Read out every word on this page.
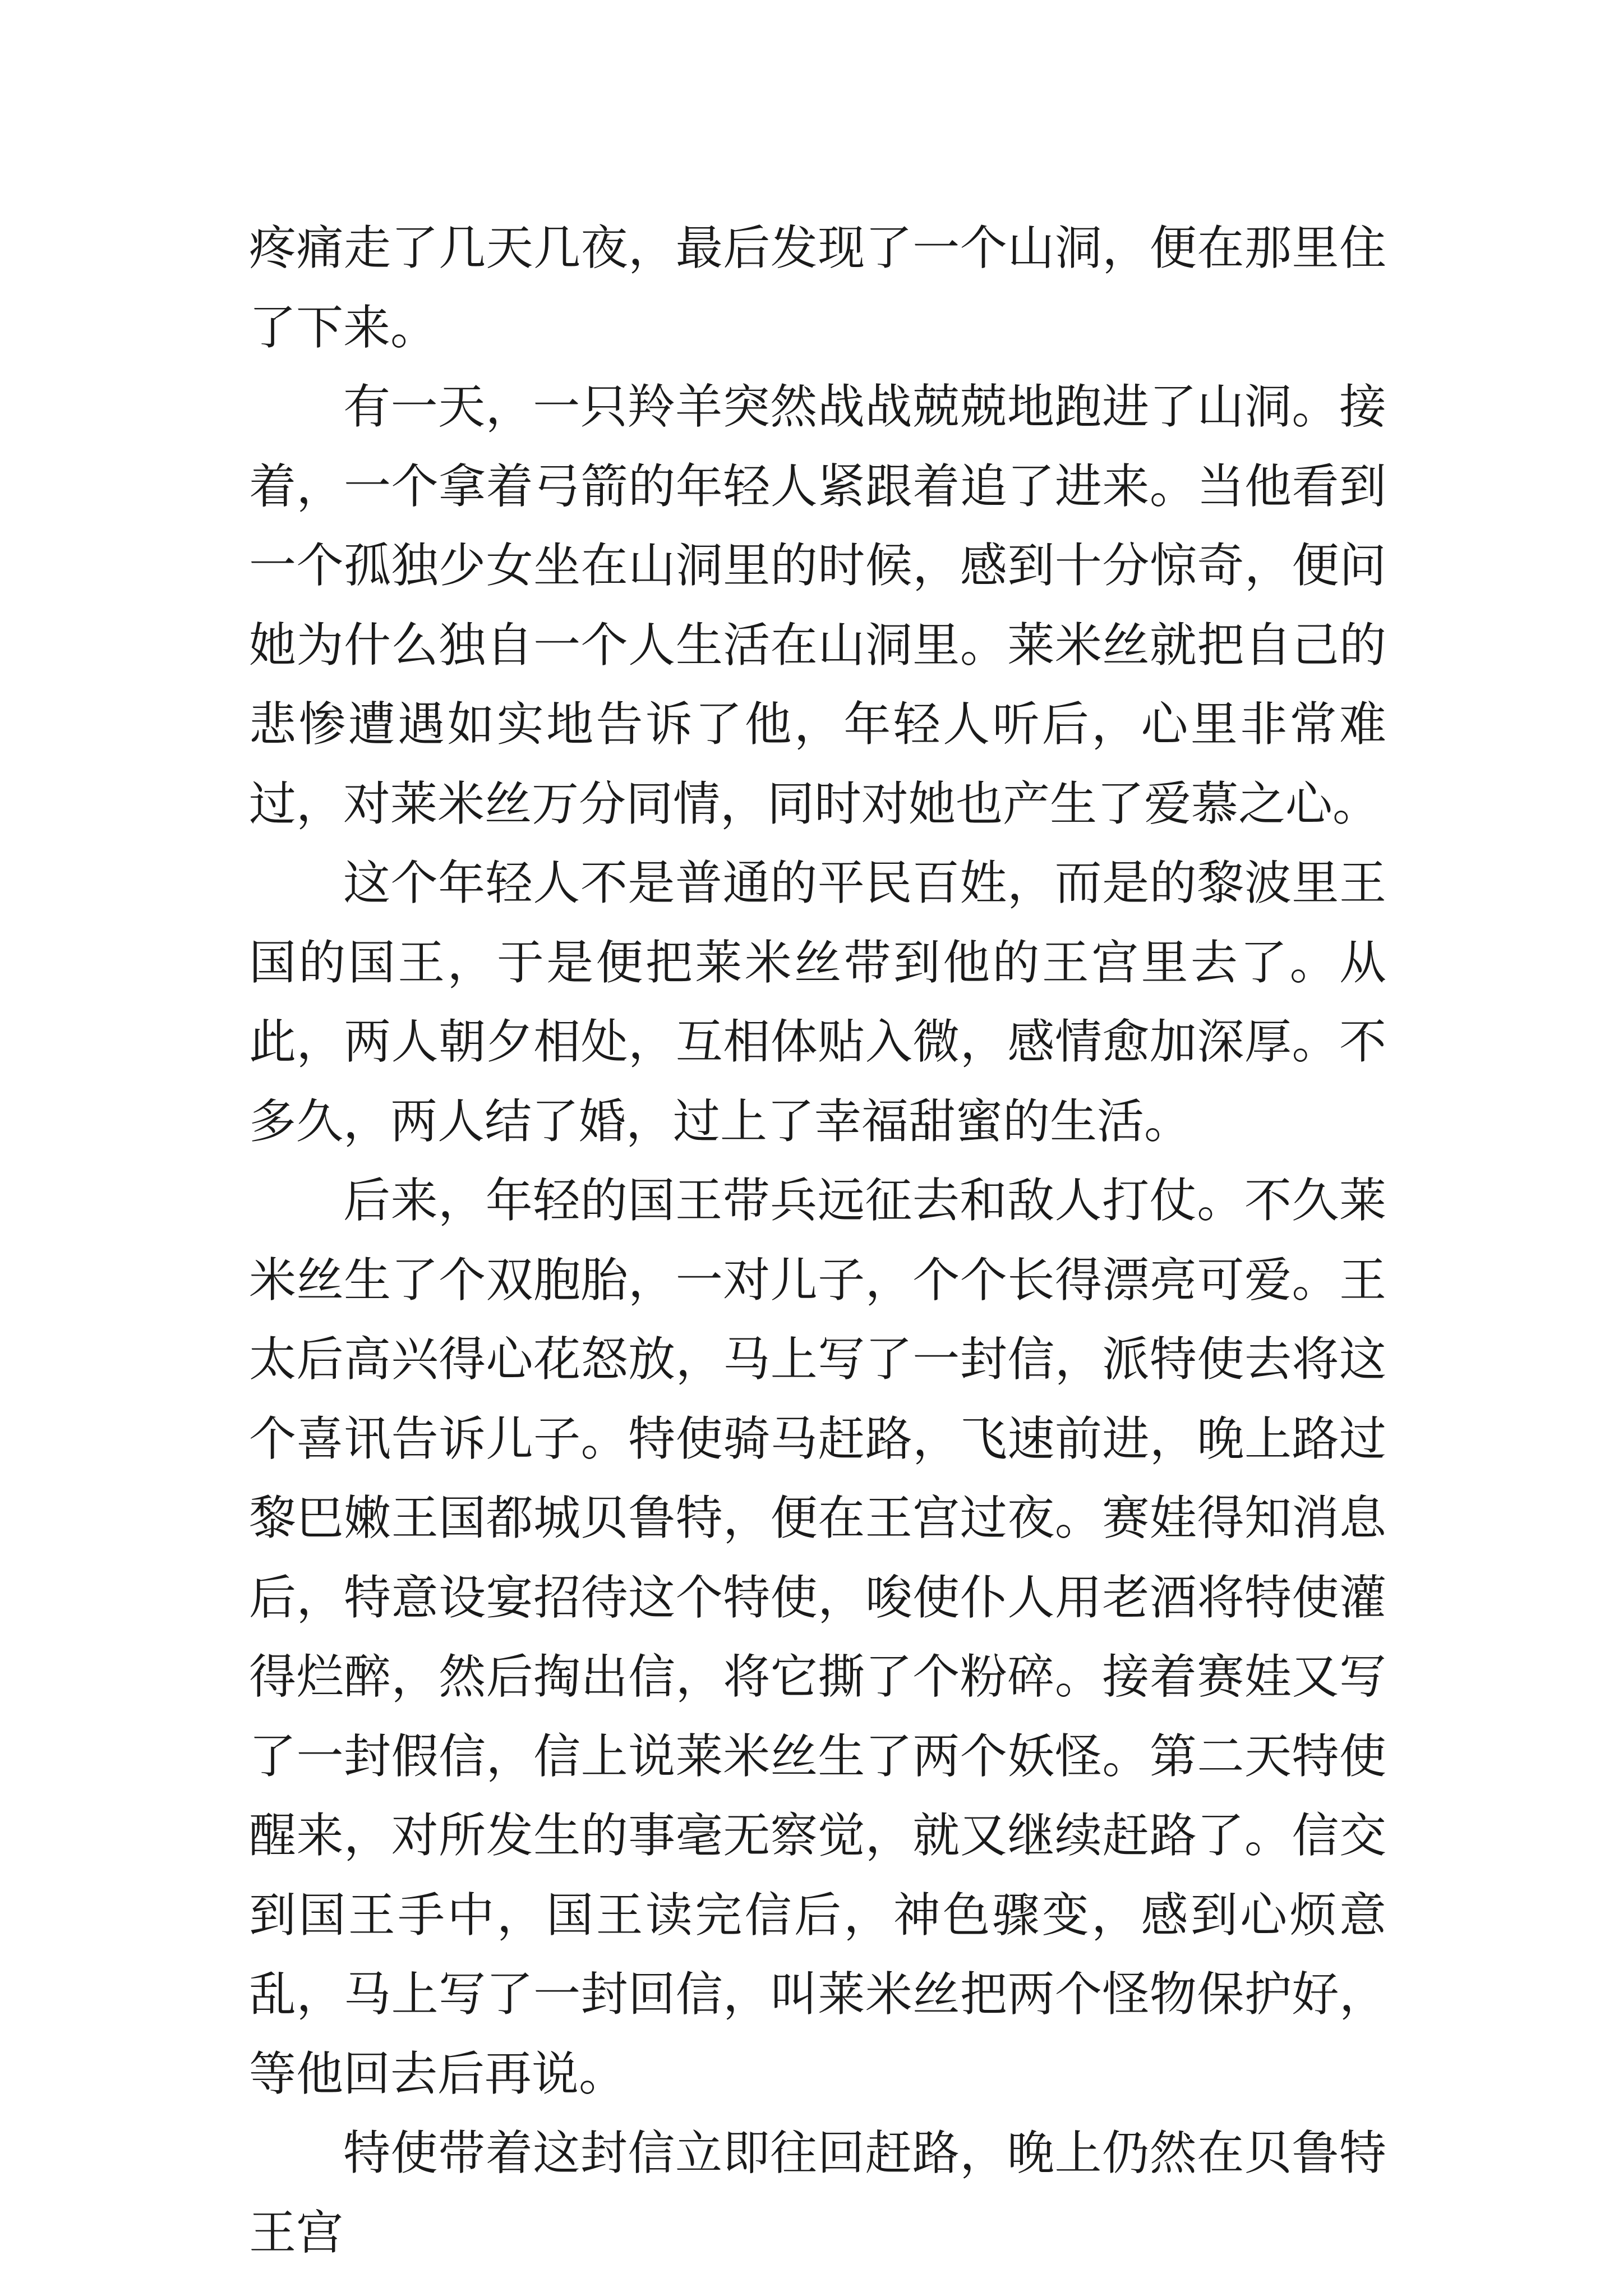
疼痛走了几天几夜，最后发现了一个山洞，便在那里住了下来。

有一天，一只羚羊突然战战兢兢地跑进了山洞。接着，一个拿着弓箭的年轻人紧跟着追了进来。当他看到一个孤独少女坐在山洞里的时候，感到十分惊奇，便问她为什么独自一个人生活在山洞里。莱米丝就把自己的悲惨遭遇如实地告诉了他，年轻人听后，心里非常难过，对莱米丝万分同情，同时对她也产生了爱慕之心。

这个年轻人不是普通的平民百姓，而是的黎波里王国的国王，于是便把莱米丝带到他的王宫里去了。从此，两人朝夕相处，互相体贴入微，感情愈加深厚。不多久，两人结了婚，过上了幸福甜蜜的生活。

后来，年轻的国王带兵远征去和敌人打仗。不久莱米丝生了个双胞胎，一对儿子，个个长得漂亮可爱。王太后高兴得心花怒放，马上写了一封信，派特使去将这个喜讯告诉儿子。特使骑马赶路，飞速前进，晚上路过黎巴嫩王国都城贝鲁特，便在王宫过夜。赛娃得知消息后，特意设宴招待这个特使，唆使仆人用老酒将特使灌得烂醉，然后掏出信，将它撕了个粉碎。接着赛娃又写了一封假信，信上说莱米丝生了两个妖怪。第二天特使醒来，对所发生的事毫无察觉，就又继续赶路了。信交到国王手中，国王读完信后，神色骤变，感到心烦意乱，马上写了一封回信，叫莱米丝把两个怪物保护好，等他回去后再说。

特使带着这封信立即往回赶路，晚上仍然在贝鲁特王宫
